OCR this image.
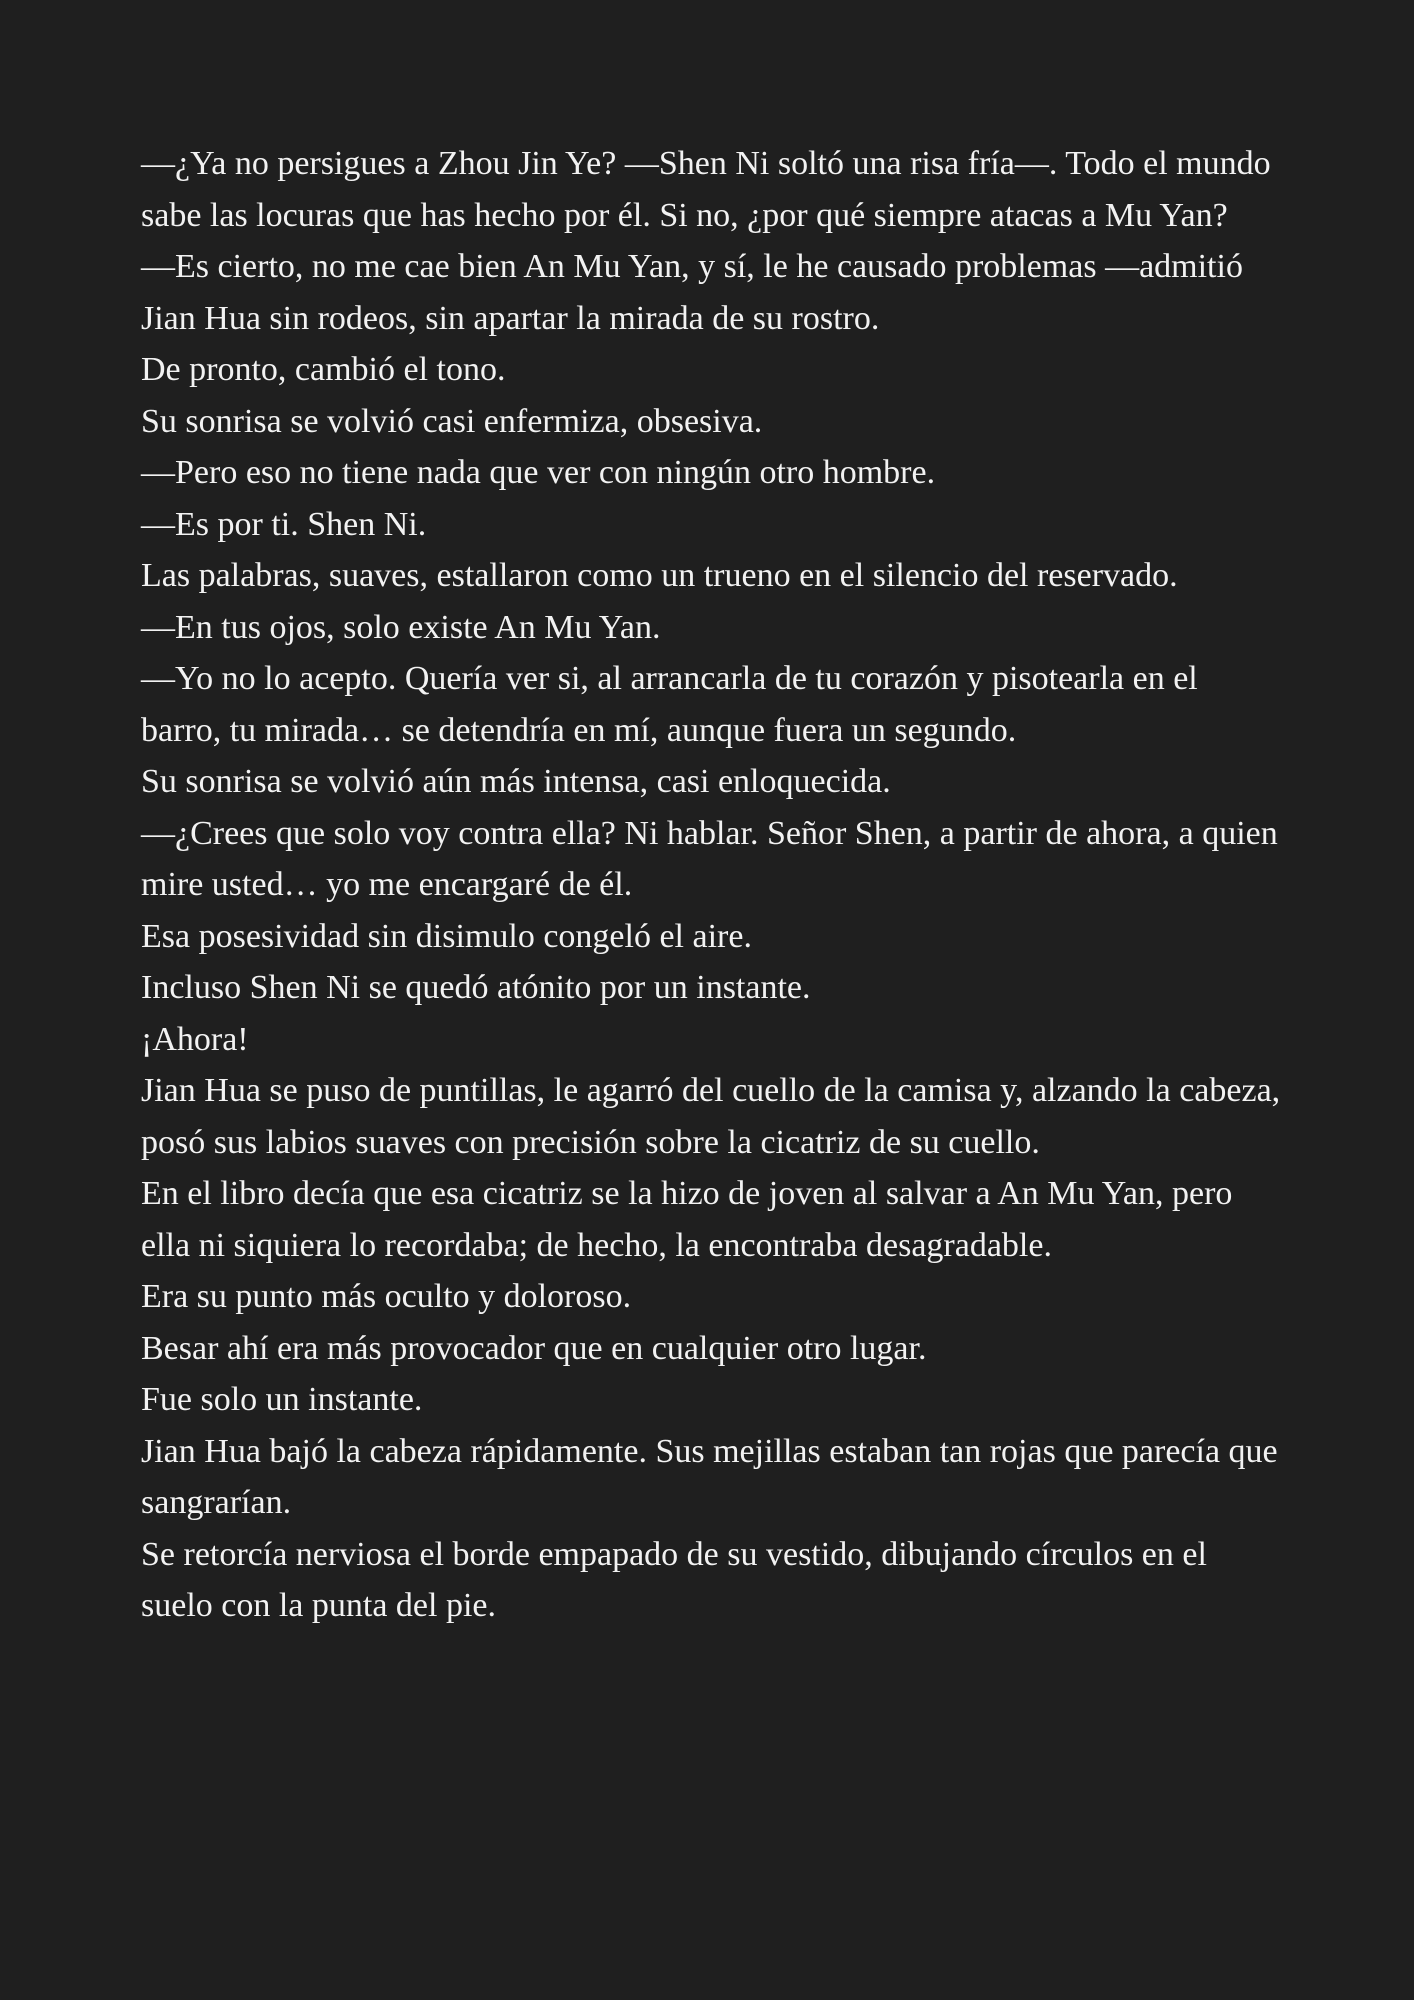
—¿Ya no persigues a Zhou Jin Ye? —Shen Ni soltó una risa fría—. Todo el mundo sabe las locuras que has hecho por él. Si no, ¿por qué siempre atacas a Mu Yan?

—Es cierto, no me cae bien An Mu Yan, y sí, le he causado problemas —admitió Jian Hua sin rodeos, sin apartar la mirada de su rostro.

De pronto, cambió el tono.

Su sonrisa se volvió casi enfermiza, obsesiva.

—Pero eso no tiene nada que ver con ningún otro hombre.

—Es por ti. Shen Ni.

Las palabras, suaves, estallaron como un trueno en el silencio del reservado.

—En tus ojos, solo existe An Mu Yan.

—Yo no lo acepto. Quería ver si, al arrancarla de tu corazón y pisotearla en el barro, tu mirada… se detendría en mí, aunque fuera un segundo.

Su sonrisa se volvió aún más intensa, casi enloquecida.

—¿Crees que solo voy contra ella? Ni hablar. Señor Shen, a partir de ahora, a quien mire usted… yo me encargaré de él.

Esa posesividad sin disimulo congeló el aire.

Incluso Shen Ni se quedó atónito por un instante.

¡Ahora!

Jian Hua se puso de puntillas, le agarró del cuello de la camisa y, alzando la cabeza, posó sus labios suaves con precisión sobre la cicatriz de su cuello.

En el libro decía que esa cicatriz se la hizo de joven al salvar a An Mu Yan, pero ella ni siquiera lo recordaba; de hecho, la encontraba desagradable.

Era su punto más oculto y doloroso.

Besar ahí era más provocador que en cualquier otro lugar.

Fue solo un instante.

Jian Hua bajó la cabeza rápidamente. Sus mejillas estaban tan rojas que parecía que sangrarían.

Se retorcía nerviosa el borde empapado de su vestido, dibujando círculos en el suelo con la punta del pie.
